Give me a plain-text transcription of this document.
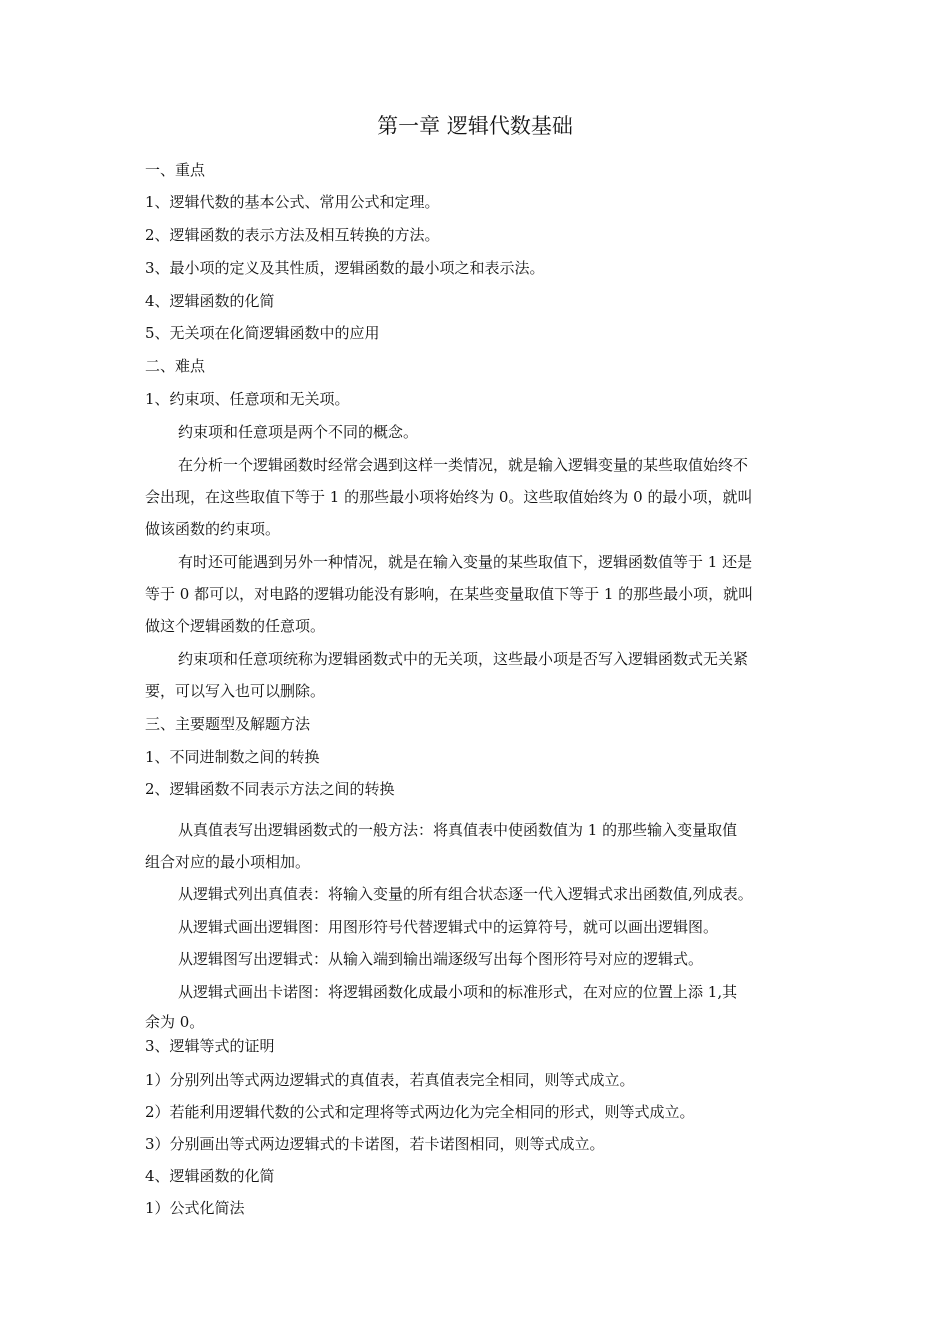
第一章 逻辑代数基础
一、重点
1、逻辑代数的基本公式、常用公式和定理。
2、逻辑函数的表示方法及相互转换的方法。
3、最小项的定义及其性质，逻辑函数的最小项之和表示法。
4、逻辑函数的化简
5、无关项在化简逻辑函数中的应用
二、难点
1、约束项、任意项和无关项。
约束项和任意项是两个不同的概念。
在分析一个逻辑函数时经常会遇到这样一类情况，就是输入逻辑变量的某些取值始终不
会出现，在这些取值下等于 1 的那些最小项将始终为 0。这些取值始终为 0 的最小项，就叫
做该函数的约束项。
有时还可能遇到另外一种情况，就是在输入变量的某些取值下，逻辑函数值等于 1 还是
等于 0 都可以，对电路的逻辑功能没有影响，在某些变量取值下等于 1 的那些最小项，就叫
做这个逻辑函数的任意项。
约束项和任意项统称为逻辑函数式中的无关项，这些最小项是否写入逻辑函数式无关紧
要，可以写入也可以删除。
三、主要题型及解题方法
1、不同进制数之间的转换
2、逻辑函数不同表示方法之间的转换
从真值表写出逻辑函数式的一般方法：将真值表中使函数值为 1 的那些输入变量取值
组合对应的最小项相加。
从逻辑式列出真值表：将输入变量的所有组合状态逐一代入逻辑式求出函数值,列成表。
从逻辑式画出逻辑图：用图形符号代替逻辑式中的运算符号，就可以画出逻辑图。
从逻辑图写出逻辑式：从输入端到输出端逐级写出每个图形符号对应的逻辑式。
从逻辑式画出卡诺图：将逻辑函数化成最小项和的标准形式，在对应的位置上添 1,其
余为 0。
3、逻辑等式的证明
1）分别列出等式两边逻辑式的真值表，若真值表完全相同，则等式成立。
2）若能利用逻辑代数的公式和定理将等式两边化为完全相同的形式，则等式成立。
3）分别画出等式两边逻辑式的卡诺图，若卡诺图相同，则等式成立。
4、逻辑函数的化简
1）公式化简法
